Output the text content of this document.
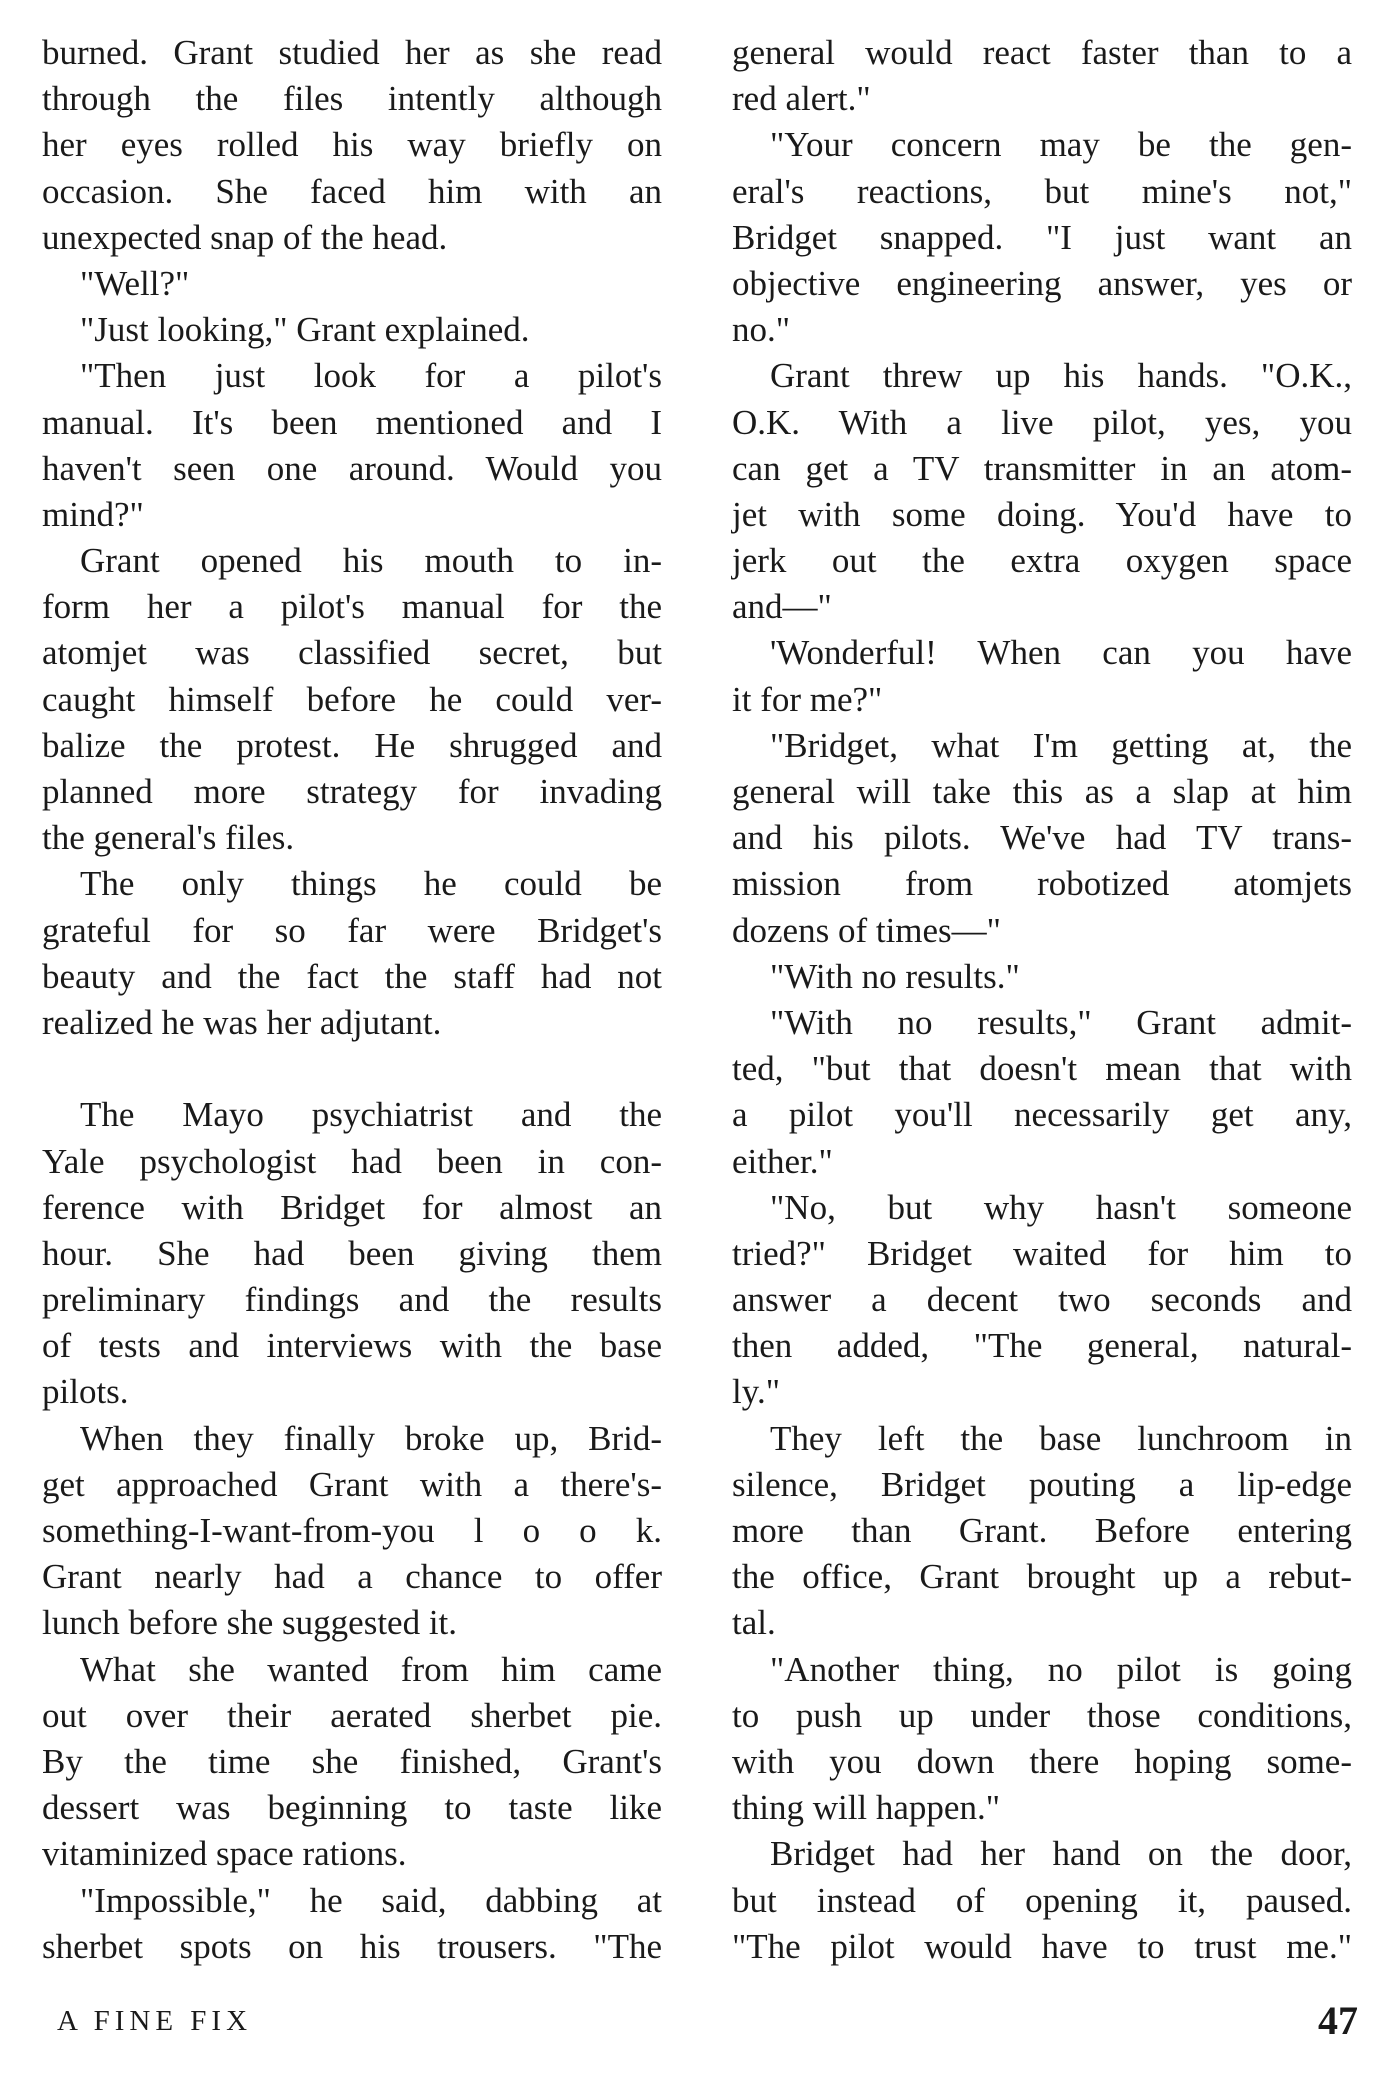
burned. Grant studied her as she read
through the files intently although
her eyes rolled his way briefly on
occasion. She faced him with an
unexpected snap of the head.
"Well?"
"Just looking," Grant explained.
"Then just look for a pilot's
manual. It's been mentioned and I
haven't seen one around. Would you
mind?"
Grant opened his mouth to in-
form her a pilot's manual for the
atomjet was classified secret, but
caught himself before he could ver-
balize the protest. He shrugged and
planned more strategy for invading
the general's files.
The only things he could be
grateful for so far were Bridget's
beauty and the fact the staff had not
realized he was her adjutant.
The Mayo psychiatrist and the
Yale psychologist had been in con-
ference with Bridget for almost an
hour. She had been giving them
preliminary findings and the results
of tests and interviews with the base
pilots.
When they finally broke up, Brid-
get approached Grant with a there's-
something-I-want-from-you l o o k.
Grant nearly had a chance to offer
lunch before she suggested it.
What she wanted from him came
out over their aerated sherbet pie.
By the time she finished, Grant's
dessert was beginning to taste like
vitaminized space rations.
"Impossible," he said, dabbing at
sherbet spots on his trousers. "The
general would react faster than to a
red alert."
"Your concern may be the gen-
eral's reactions, but mine's not,"
Bridget snapped. "I just want an
objective engineering answer, yes or
no."
Grant threw up his hands. "O.K.,
O.K. With a live pilot, yes, you
can get a TV transmitter in an atom-
jet with some doing. You'd have to
jerk out the extra oxygen space
and—"
'Wonderful! When can you have
it for me?"
"Bridget, what I'm getting at, the
general will take this as a slap at him
and his pilots. We've had TV trans-
mission from robotized atomjets
dozens of times—"
"With no results."
"With no results," Grant admit-
ted, "but that doesn't mean that with
a pilot you'll necessarily get any,
either."
"No, but why hasn't someone
tried?" Bridget waited for him to
answer a decent two seconds and
then added, "The general, natural-
ly."
They left the base lunchroom in
silence, Bridget pouting a lip-edge
more than Grant. Before entering
the office, Grant brought up a rebut-
tal.
"Another thing, no pilot is going
to push up under those conditions,
with you down there hoping some-
thing will happen."
Bridget had her hand on the door,
but instead of opening it, paused.
"The pilot would have to trust me."
A FINE FIX	47
